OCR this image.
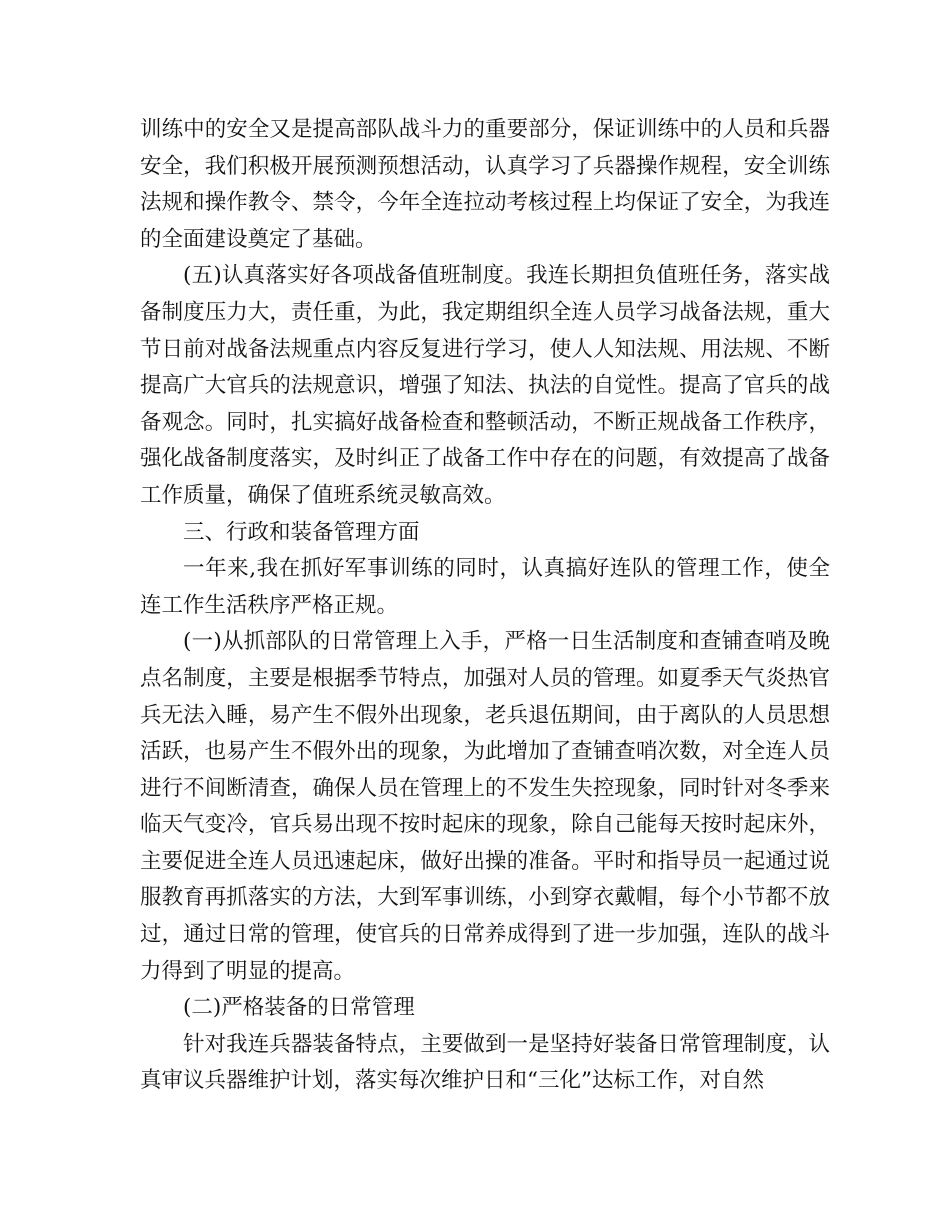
训练中的安全又是提高部队战斗力的重要部分，保证训练中的人员和兵器安全，我们积极开展预测预想活动，认真学习了兵器操作规程，安全训练法规和操作教令、禁令，今年全连拉动考核过程上均保证了安全，为我连的全面建设奠定了基础。

(五)认真落实好各项战备值班制度。我连长期担负值班任务，落实战备制度压力大，责任重，为此，我定期组织全连人员学习战备法规，重大节日前对战备法规重点内容反复进行学习，使人人知法规、用法规、不断提高广大官兵的法规意识，增强了知法、执法的自觉性。提高了官兵的战备观念。同时，扎实搞好战备检查和整顿活动，不断正规战备工作秩序，强化战备制度落实，及时纠正了战备工作中存在的问题，有效提高了战备工作质量，确保了值班系统灵敏高效。

三、行政和装备管理方面

一年来,我在抓好军事训练的同时，认真搞好连队的管理工作，使全连工作生活秩序严格正规。

(一)从抓部队的日常管理上入手，严格一日生活制度和查铺查哨及晚点名制度，主要是根据季节特点，加强对人员的管理。如夏季天气炎热官兵无法入睡，易产生不假外出现象，老兵退伍期间，由于离队的人员思想活跃，也易产生不假外出的现象，为此增加了查铺查哨次数，对全连人员进行不间断清查，确保人员在管理上的不发生失控现象，同时针对冬季来临天气变冷，官兵易出现不按时起床的现象，除自己能每天按时起床外，主要促进全连人员迅速起床，做好出操的准备。平时和指导员一起通过说服教育再抓落实的方法，大到军事训练，小到穿衣戴帽，每个小节都不放过，通过日常的管理，使官兵的日常养成得到了进一步加强，连队的战斗力得到了明显的提高。

(二)严格装备的日常管理

针对我连兵器装备特点，主要做到一是坚持好装备日常管理制度，认真审议兵器维护计划，落实每次维护日和“三化”达标工作，对自然
